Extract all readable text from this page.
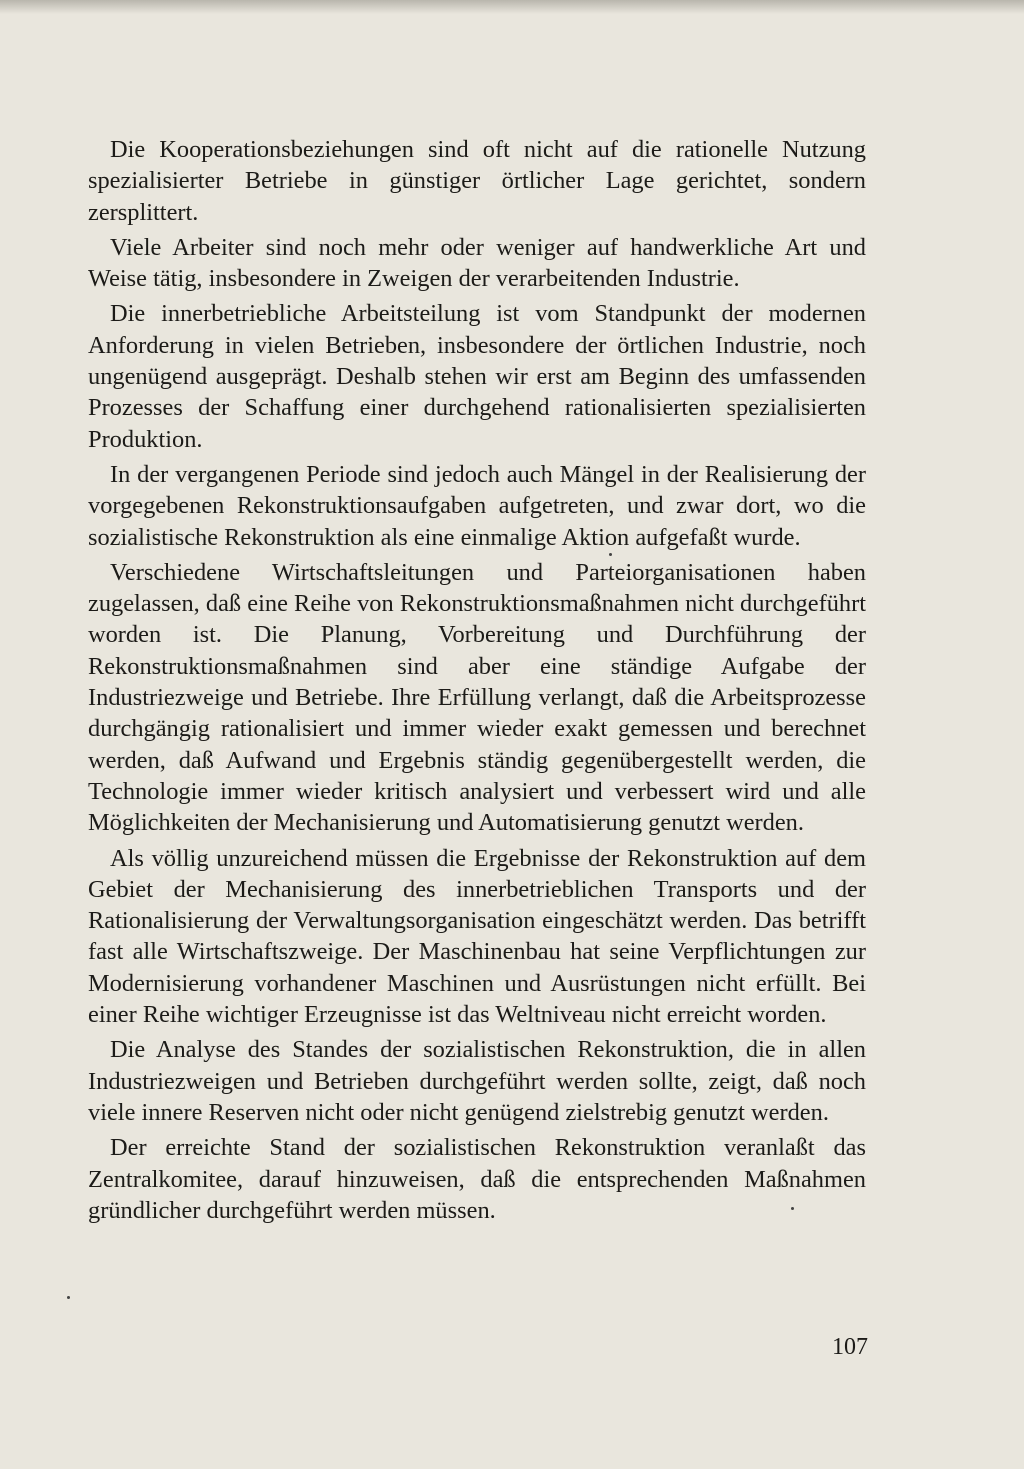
Die Kooperationsbeziehungen sind oft nicht auf die rationelle Nutzung spezialisierter Betriebe in günstiger örtlicher Lage gerichtet, sondern zersplittert.

Viele Arbeiter sind noch mehr oder weniger auf handwerkliche Art und Weise tätig, insbesondere in Zweigen der verarbeitenden Industrie.

Die innerbetriebliche Arbeitsteilung ist vom Standpunkt der modernen Anforderung in vielen Betrieben, insbesondere der örtlichen Industrie, noch ungenügend ausgeprägt. Deshalb stehen wir erst am Beginn des umfassenden Prozesses der Schaffung einer durchgehend rationalisierten spezialisierten Produktion.

In der vergangenen Periode sind jedoch auch Mängel in der Realisierung der vorgegebenen Rekonstruktionsaufgaben aufgetreten, und zwar dort, wo die sozialistische Rekonstruktion als eine einmalige Aktion aufgefaßt wurde.

Verschiedene Wirtschaftsleitungen und Parteiorganisationen haben zugelassen, daß eine Reihe von Rekonstruktionsmaßnahmen nicht durchgeführt worden ist. Die Planung, Vorbereitung und Durchführung der Rekonstruktionsmaßnahmen sind aber eine ständige Aufgabe der Industriezweige und Betriebe. Ihre Erfüllung verlangt, daß die Arbeitsprozesse durchgängig rationalisiert und immer wieder exakt gemessen und berechnet werden, daß Aufwand und Ergebnis ständig gegenübergestellt werden, die Technologie immer wieder kritisch analysiert und verbessert wird und alle Möglichkeiten der Mechanisierung und Automatisierung genutzt werden.

Als völlig unzureichend müssen die Ergebnisse der Rekonstruktion auf dem Gebiet der Mechanisierung des innerbetrieblichen Transports und der Rationalisierung der Verwaltungsorganisation eingeschätzt werden. Das betrifft fast alle Wirtschaftszweige. Der Maschinenbau hat seine Verpflichtungen zur Modernisierung vorhandener Maschinen und Ausrüstungen nicht erfüllt. Bei einer Reihe wichtiger Erzeugnisse ist das Weltniveau nicht erreicht worden.

Die Analyse des Standes der sozialistischen Rekonstruktion, die in allen Industriezweigen und Betrieben durchgeführt werden sollte, zeigt, daß noch viele innere Reserven nicht oder nicht genügend zielstrebig genutzt werden.

Der erreichte Stand der sozialistischen Rekonstruktion veranlaßt das Zentralkomitee, darauf hinzuweisen, daß die entsprechenden Maßnahmen gründlicher durchgeführt werden müssen.

107
